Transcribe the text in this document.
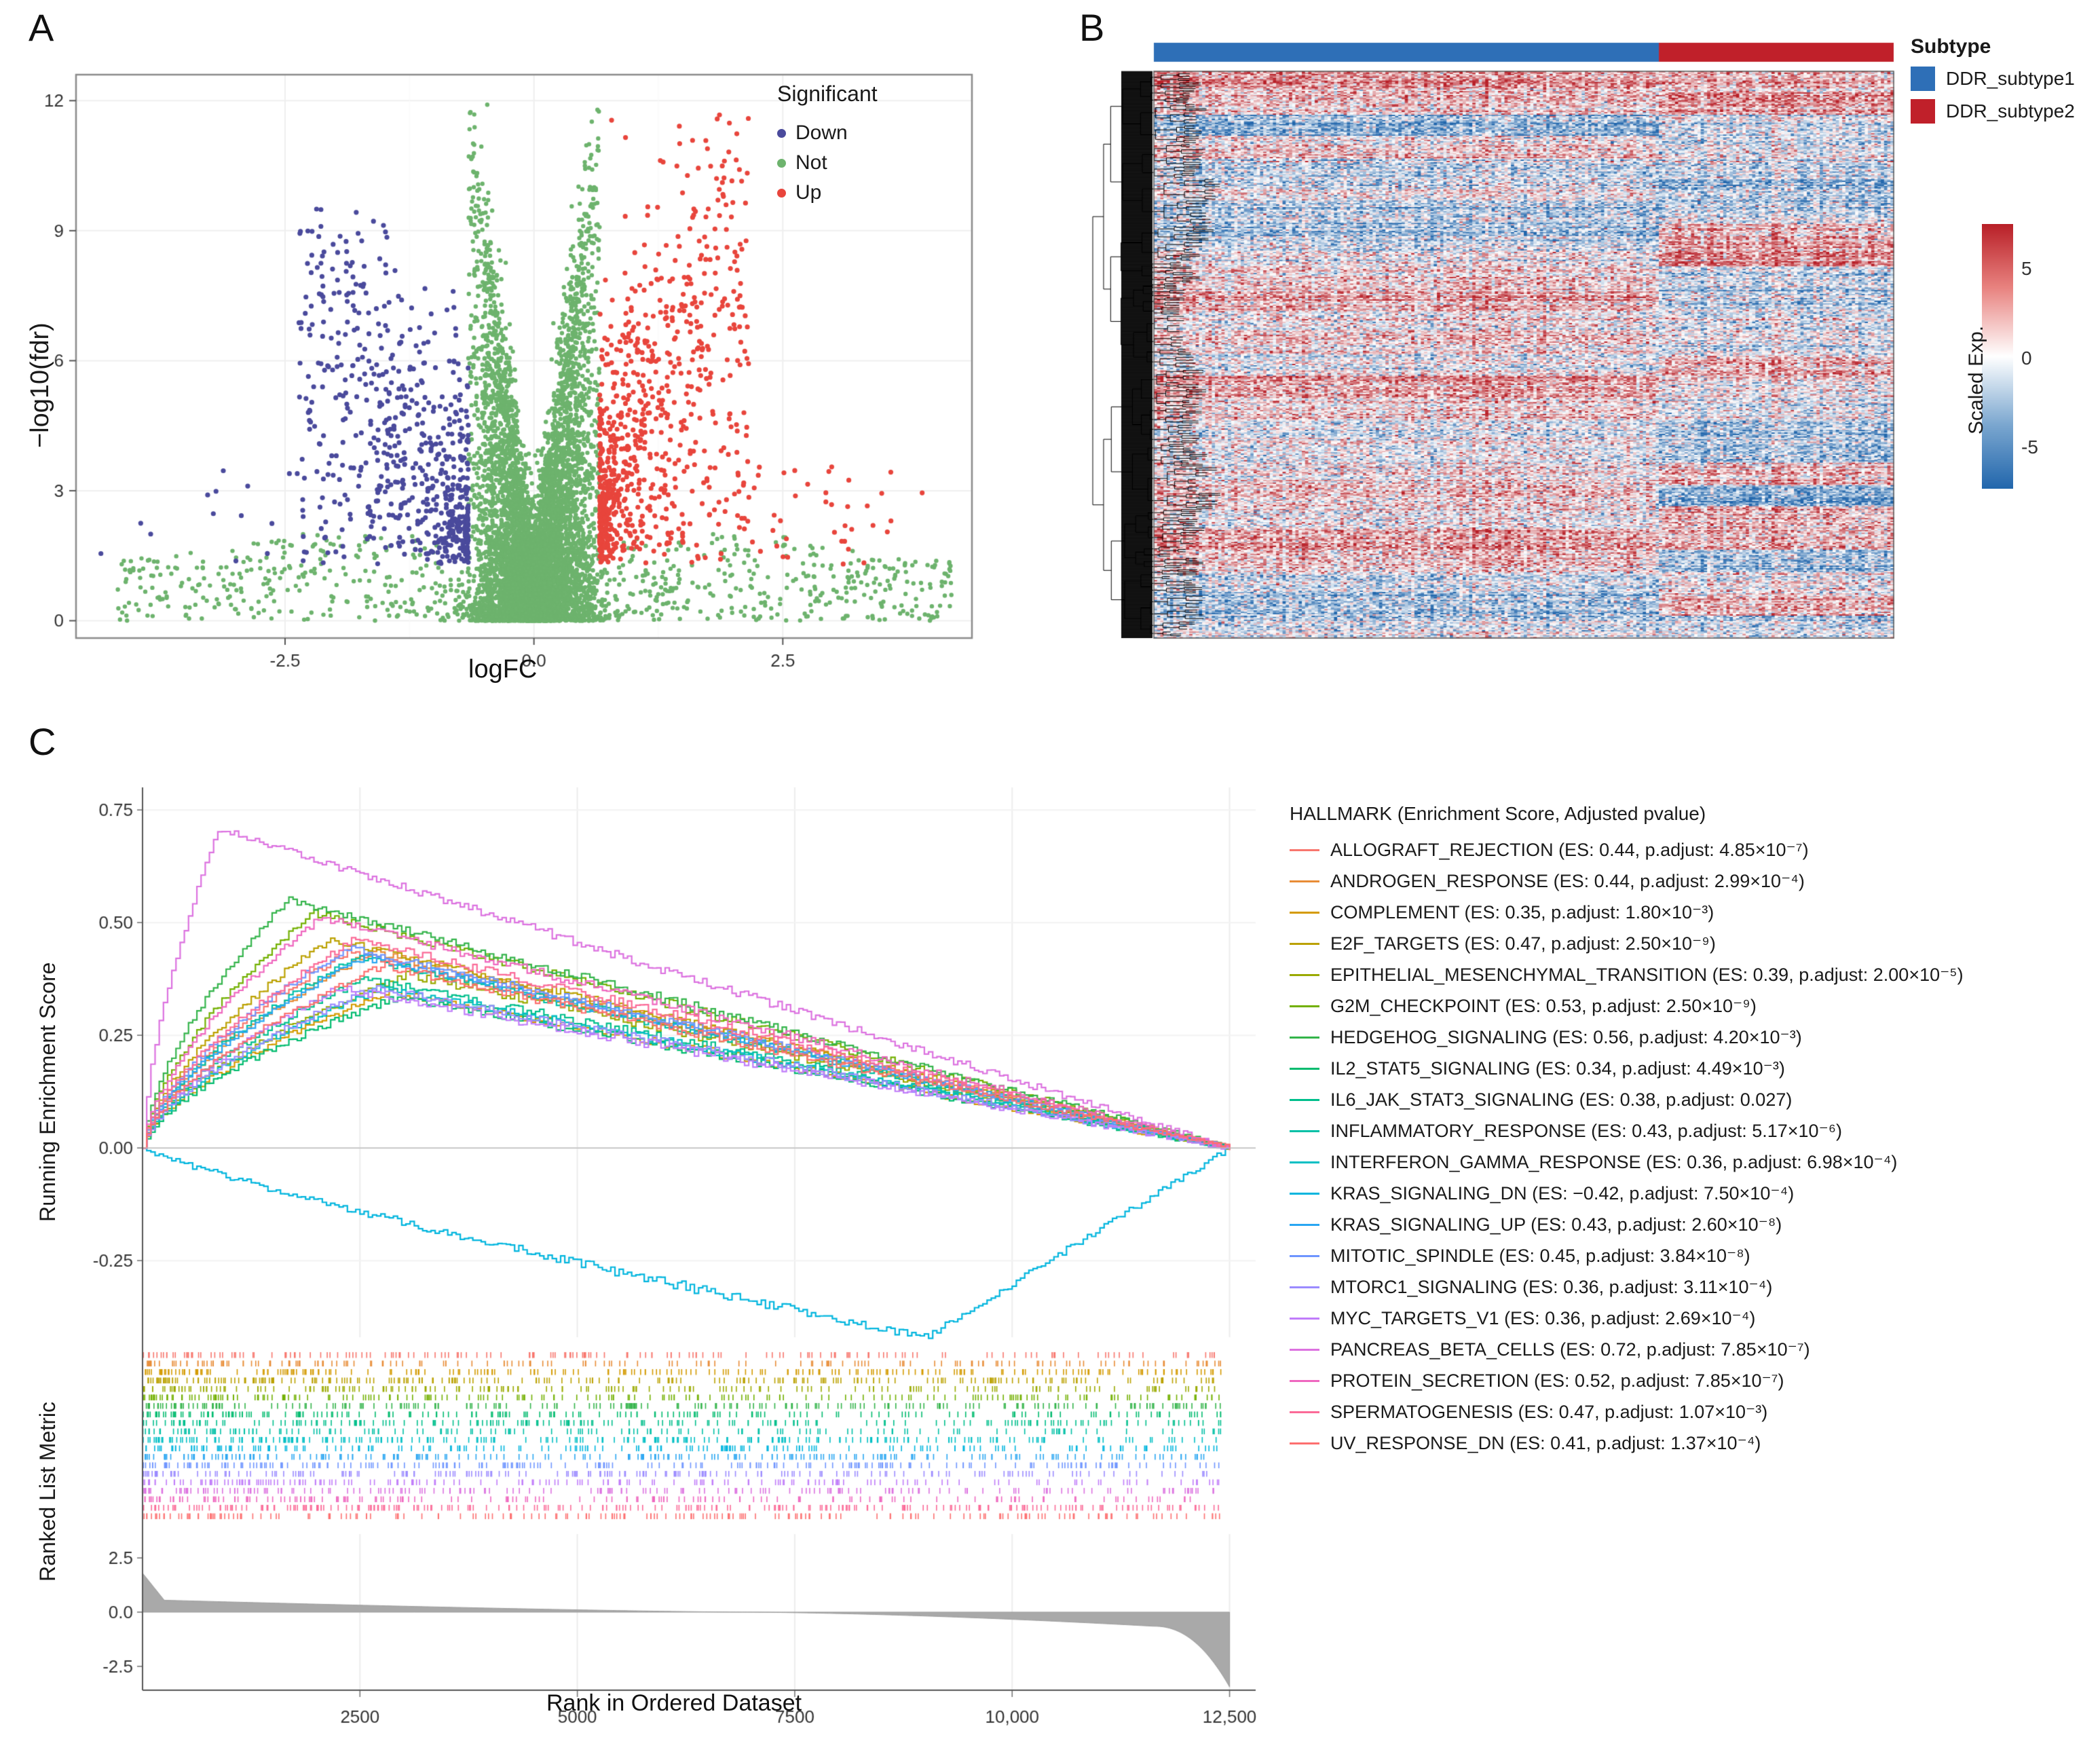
logFC
−log10(fdr)
Significant
Down
Not
Up
Subtype
DDR_subtype1
DDR_subtype2
5
0
-5
Scaled Exp.
C
Running Enrichment Score
Ranked List Metric
Rank in Ordered Dataset
HALLMARK (Enrichment Score, Adjusted pvalue)
ALLOGRAFT_REJECTION (ES: 0.44, p.adjust: 4.85×10⁻⁷)
ANDROGEN_RESPONSE (ES: 0.44, p.adjust: 2.99×10⁻⁴)
COMPLEMENT (ES: 0.35, p.adjust: 1.80×10⁻³)
E2F_TARGETS (ES: 0.47, p.adjust: 2.50×10⁻⁹)
EPITHELIAL_MESENCHYMAL_TRANSITION (ES: 0.39, p.adjust: 2.00×10⁻⁵)
G2M_CHECKPOINT (ES: 0.53, p.adjust: 2.50×10⁻⁹)
HEDGEHOG_SIGNALING (ES: 0.56, p.adjust: 4.20×10⁻³)
IL2_STAT5_SIGNALING (ES: 0.34, p.adjust: 4.49×10⁻³)
IL6_JAK_STAT3_SIGNALING (ES: 0.38, p.adjust: 0.027)
INFLAMMATORY_RESPONSE (ES: 0.43, p.adjust: 5.17×10⁻⁶)
INTERFERON_GAMMA_RESPONSE (ES: 0.36, p.adjust: 6.98×10⁻⁴)
KRAS_SIGNALING_DN (ES: −0.42, p.adjust: 7.50×10⁻⁴)
KRAS_SIGNALING_UP (ES: 0.43, p.adjust: 2.60×10⁻⁸)
MITOTIC_SPINDLE (ES: 0.45, p.adjust: 3.84×10⁻⁸)
MTORC1_SIGNALING (ES: 0.36, p.adjust: 3.11×10⁻⁴)
MYC_TARGETS_V1 (ES: 0.36, p.adjust: 2.69×10⁻⁴)
PANCREAS_BETA_CELLS (ES: 0.72, p.adjust: 7.85×10⁻⁷)
PROTEIN_SECRETION (ES: 0.52, p.adjust: 7.85×10⁻⁷)
SPERMATOGENESIS (ES: 0.47, p.adjust: 1.07×10⁻³)
UV_RESPONSE_DN (ES: 0.41, p.adjust: 1.37×10⁻⁴)
